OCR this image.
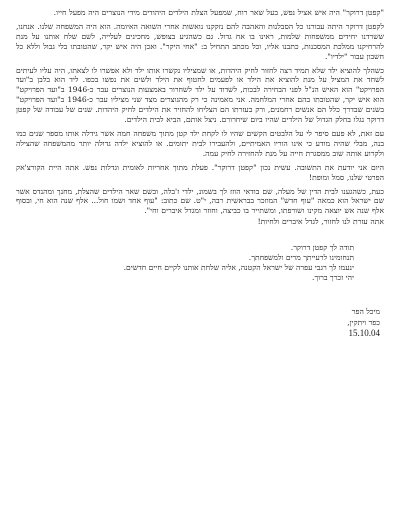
"קפטן דרוקר" היה איש אציל נפש, בעל שאר רוח, שמפעל הצלת הילדים היהודים מידי הנוצרים היה מפעל חייו.

לקפטן דרוקר היתה עבורנו כל הסבלנות והאהבה להם נזקקנו נואשות אחרי השואה האיומה. הוא היה המשפחה שלנו. אנחנו, ששרדנו יחידים ממשפחות שלמות, ראינו בו אח גדול. גם כשהגיע בצופש, מחכינים לעלייה, לשם שלח אותנו על מנת להרחיקנו ממלכת המסכנות, כתבנו אליו, וכל מכתב התחיל ב: "אחי היקר". ואכן היה איש יקר, שהטובתו בלי גבול וללא כל חשבון עבור "ילדיו".

כשהלך להוציא ילד שלא תמיד רצה לחזור לחיק היהדות, או שמציליו נקשרו אותו ילד ולא אפשרו לו לצאתו, היה עליו לעיתים לשחד את המציל על מנת להוציא את הילד או לפעמים לחטוף את הילד ולשים את נפשו בכפו. ליד הוא בלבן ב"ועד הפרויקט" הוא האיש הנ"ל לפני הבחירה לבכות, לשדוד על ילד לשחרור באמצעות הנוצרים עבר כ-1946 ב"ועד הפרויקט" הוא איש יקר, שהטובתו בהם אחרי המלחמה. אני מאמינה כי רק מהנוצרים מצד שני מציליו עבר כ-1946 ב"ועד הפרויקט" בשנים שבדרך כלל הם אנשים רחמנים, ורק בעזרתו הם הצליחו להחזיר את הילדים לחיק היהדות. שנים של עבודה של קפטן דרוקר נגלו בחלק הגדול של הילדים שהיו ביום שיחרורם. ניצל אותם, הביא לבית הילדים.

עם זאת, לא פעם סיפר לי על הלבטים הקשים שהיו לו לקחת ילד קטן מתוך משפחה חמה אשר גידלה אותו מספר שנים כמו בנה, מבלי שהיה מודע כי אינו הוריו האמיתיים, ולהעבירו לבית יתומים. או להוציא ילדה גדולה יותר מהמשפחה שהצילה ולקרוע אותה שוב ממסגרת חייה על מנת להחזירה לחיק עמה.

היום אני יודעת את התשובה. עשית נכון "קפטן דרוקר". פעלת מתוך אחריות לאומית וגדלות נפש. אתה היית הקורצ'אק הפרטי שלנו, סמל ומופת!

כעת, כשהגענו לבית הדין של מעלה, שם בודאי הוזז לך בשמונ, ילדי ז'בלה, ובשם שאר הילדים שהצלת, מחנך ומהנדס אשר שם ישראל הוא כמאה "עוף חדש" המוזכר בבראשית רבה, י"ט. שם כתוב: "עוף אחד ושמו חול... אלף שנה הוא חי, ובסוף אלף שנה אש יוצאה מקינו ושורפתו, ומשתייר בו כביצה, וחוזר ומגדל איברים וחי".

אתה עזרת לנו לחזור, לגדל איברים ולחיות!

תודה לך קפטן דרוקר.
תנחומינו לרעייתך מרים ולמשפחתך.
ינעמו לך רגבי עפרה של ישראל הקטנה, אליה שלחת אותנו לקיים חיים חדשים.
יהי זכרך ברוך.
מיכל הפר
כפר ויתקין,
15.10.04
